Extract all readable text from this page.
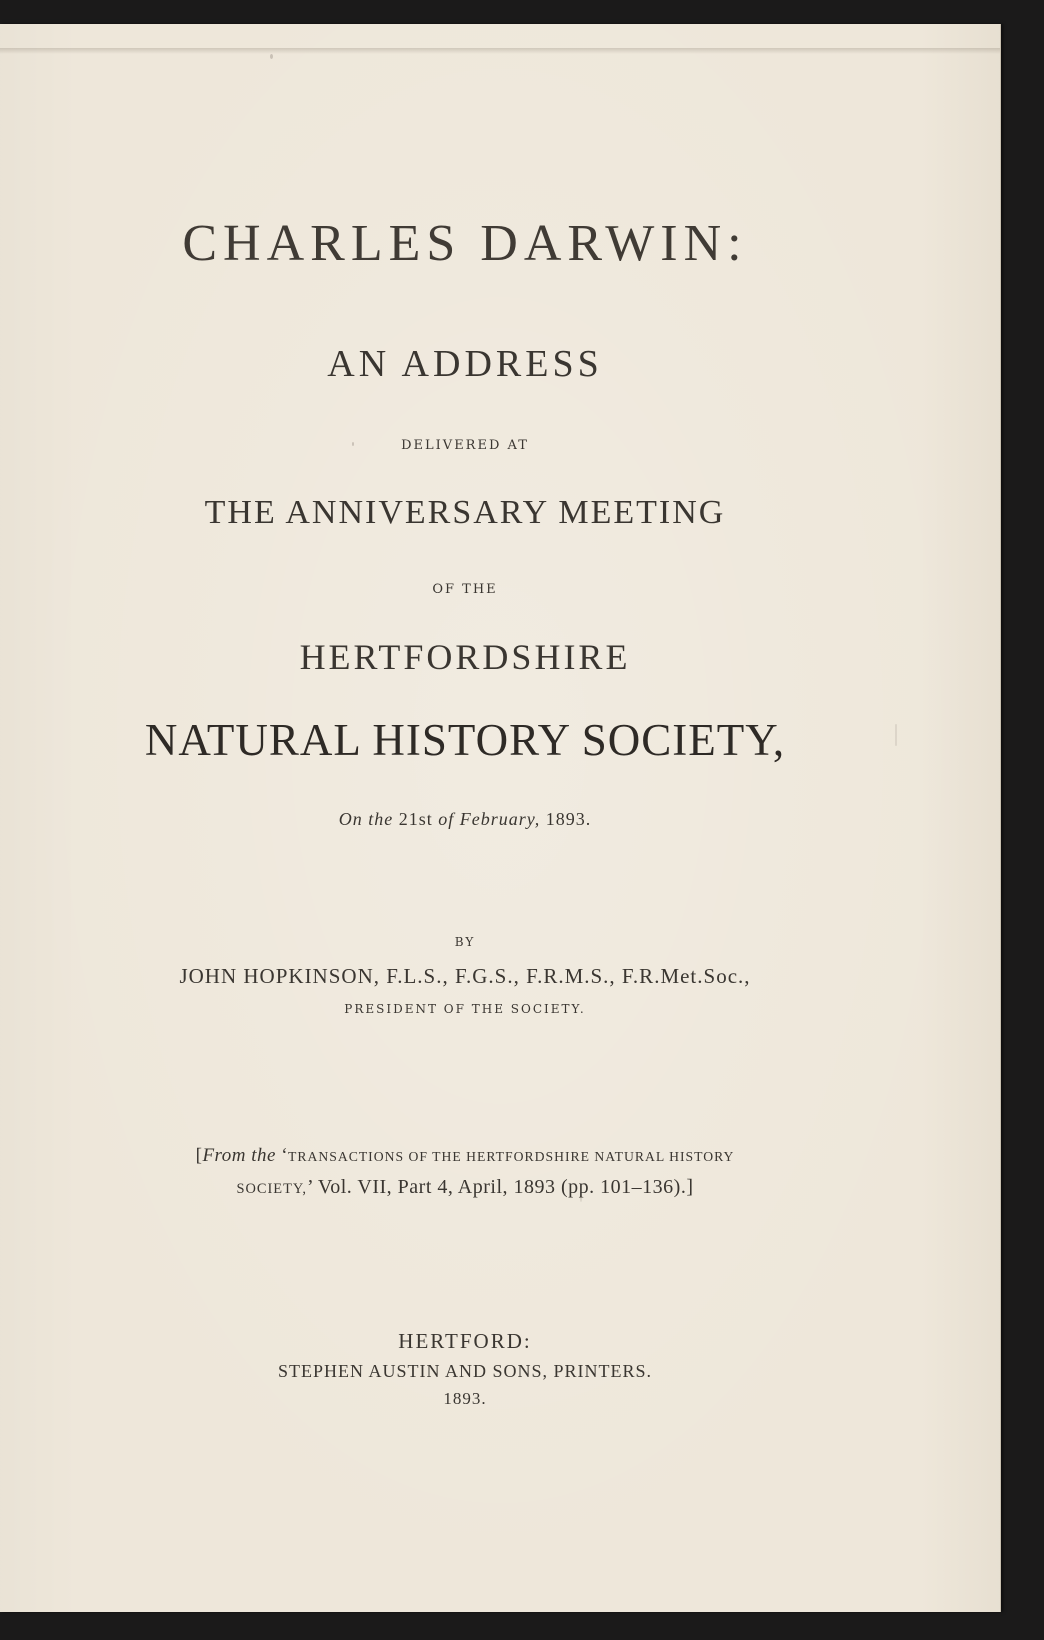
CHARLES DARWIN:
AN ADDRESS
DELIVERED AT
THE ANNIVERSARY MEETING
OF THE
HERTFORDSHIRE
NATURAL HISTORY SOCIETY,
On the 21st of February, 1893.
BY
JOHN HOPKINSON, F.L.S., F.G.S., F.R.M.S., F.R.Met.Soc.,
PRESIDENT OF THE SOCIETY.
[From the ‘TRANSACTIONS OF THE HERTFORDSHIRE NATURAL HISTORY
SOCIETY,’ Vol. VII, Part 4, April, 1893 (pp. 101–136).]
HERTFORD:
STEPHEN AUSTIN AND SONS, PRINTERS.
1893.
